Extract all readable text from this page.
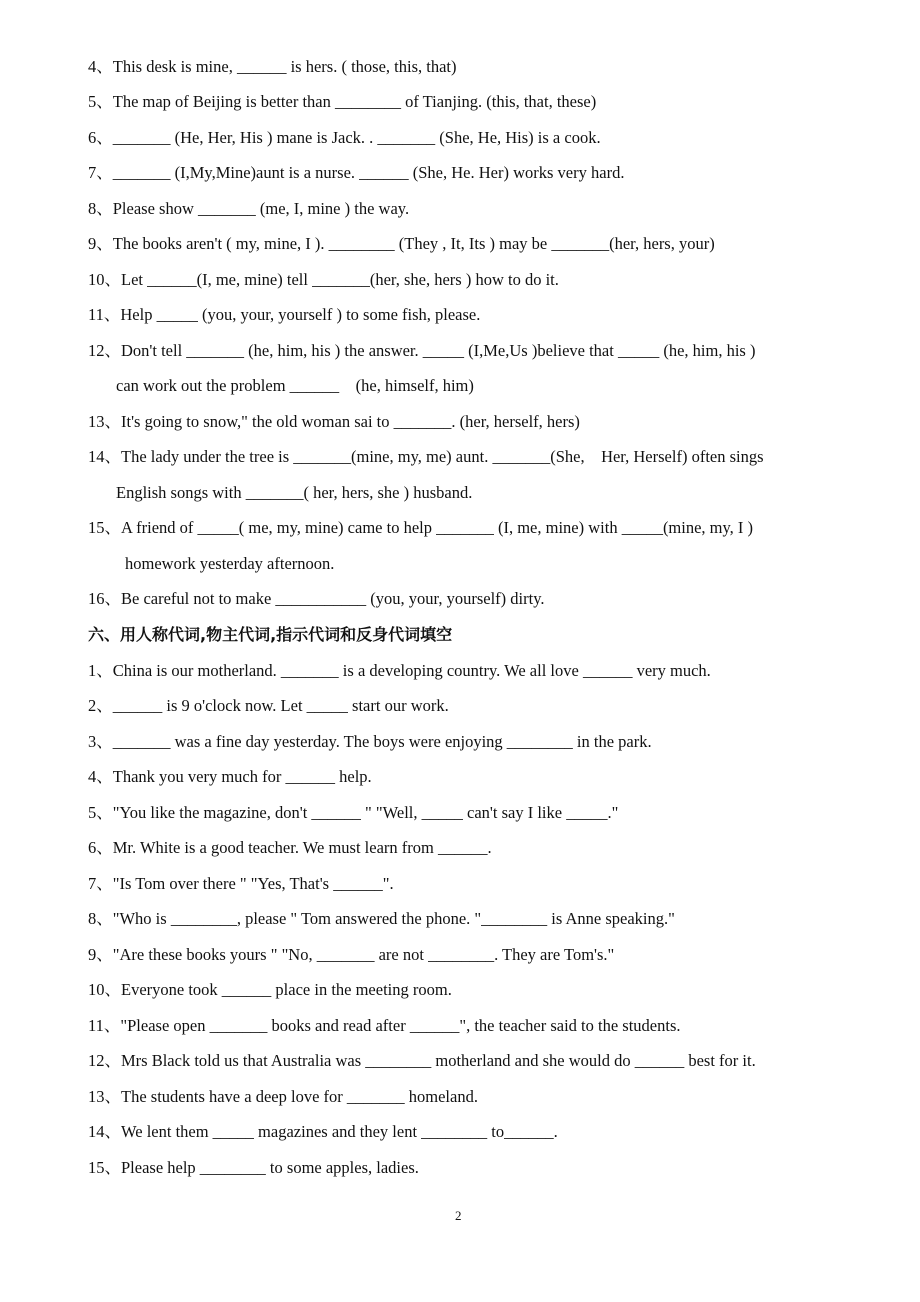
zixin.com.cn
4、This desk is mine, ______ is hers. ( those, this, that)
5、The map of Beijing is better than ________ of Tianjing. (this, that, these)
6、_______ (He, Her, His ) mane is Jack. . _______ (She, He, His) is a cook.
7、_______ (I,My,Mine)aunt is a nurse. ______ (She, He. Her) works very hard.
8、Please show _______ (me, I, mine ) the way.
9、The books aren't ( my, mine, I ). ________ (They , It, Its ) may be _______(her, hers, your)
10、Let ______(I, me, mine) tell _______(her, she, hers ) how to do it.
11、Help _____ (you, your, yourself ) to some fish, please.
12、Don't tell _______ (he, him, his ) the answer. _____ (I,Me,Us )believe that _____ (he, him, his )
can work out the problem ______    (he, himself, him)
13、It's going to snow," the old woman sai to _______. (her, herself, hers)
14、The lady under the tree is _______(mine, my, me) aunt. _______(She,    Her, Herself) often sings
English songs with _______( her, hers, she ) husband.
15、A friend of _____( me, my, mine) came to help _______ (I, me, mine) with _____(mine, my, I )
homework yesterday afternoon.
16、Be careful not to make ___________ (you, your, yourself) dirty.
六、用人称代词,物主代词,指示代词和反身代词填空
1、China is our motherland. _______ is a developing country. We all love ______ very much.
2、______ is 9 o'clock now. Let _____ start our work.
3、_______ was a fine day yesterday. The boys were enjoying ________ in the park.
4、Thank you very much for ______ help.
5、"You like the magazine, don't ______ " "Well, _____ can't say I like _____."
6、Mr. White is a good teacher. We must learn from ______.
7、"Is Tom over there " "Yes, That's ______".
8、"Who is ________, please " Tom answered the phone. "________ is Anne speaking."
9、"Are these books yours " "No, _______ are not ________. They are Tom's."
10、Everyone took ______ place in the meeting room.
11、"Please open _______ books and read after ______", the teacher said to the students.
12、Mrs Black told us that Australia was ________ motherland and she would do ______ best for it.
13、The students have a deep love for _______ homeland.
14、We lent them _____ magazines and they lent ________ to______.
15、Please help ________ to some apples, ladies.
2
